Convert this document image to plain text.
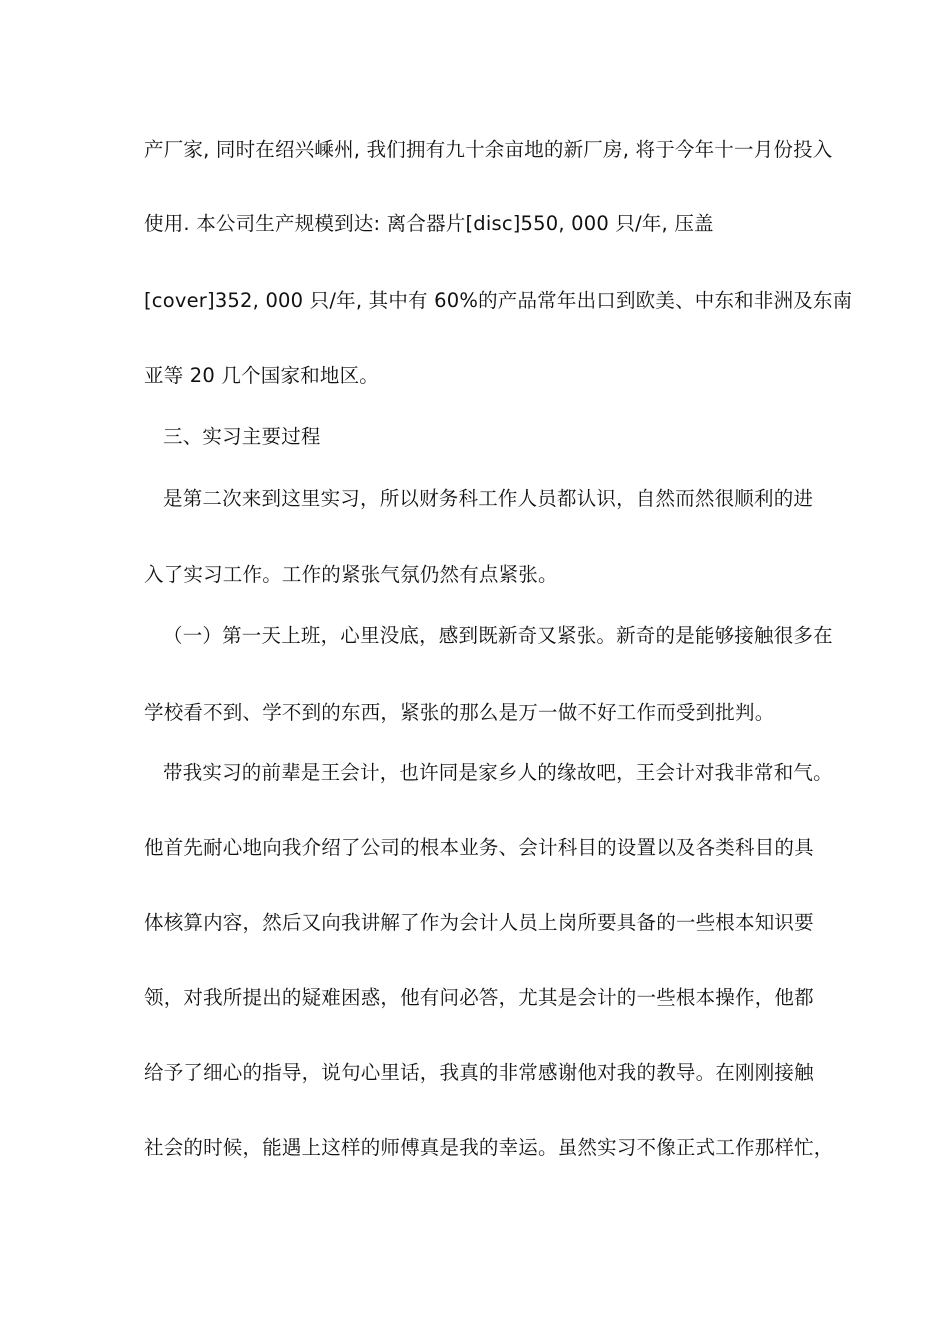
产厂家, 同时在绍兴嵊州, 我们拥有九十余亩地的新厂房, 将于今年十一月份投入
使用. 本公司生产规模到达: 离合器片[disc]550, 000 只/年, 压盖
[cover]352, 000 只/年, 其中有 60%的产品常年出口到欧美、中东和非洲及东南
亚等 20 几个国家和地区。
三、实习主要过程
是第二次来到这里实习，所以财务科工作人员都认识，自然而然很顺利的进
入了实习工作。工作的紧张气氛仍然有点紧张。
（一）第一天上班，心里没底，感到既新奇又紧张。新奇的是能够接触很多在
学校看不到、学不到的东西，紧张的那么是万一做不好工作而受到批判。
带我实习的前辈是王会计，也许同是家乡人的缘故吧，王会计对我非常和气。
他首先耐心地向我介绍了公司的根本业务、会计科目的设置以及各类科目的具
体核算内容，然后又向我讲解了作为会计人员上岗所要具备的一些根本知识要
领，对我所提出的疑难困惑，他有问必答，尤其是会计的一些根本操作，他都
给予了细心的指导，说句心里话，我真的非常感谢他对我的教导。在刚刚接触
社会的时候，能遇上这样的师傅真是我的幸运。虽然实习不像正式工作那样忙，
